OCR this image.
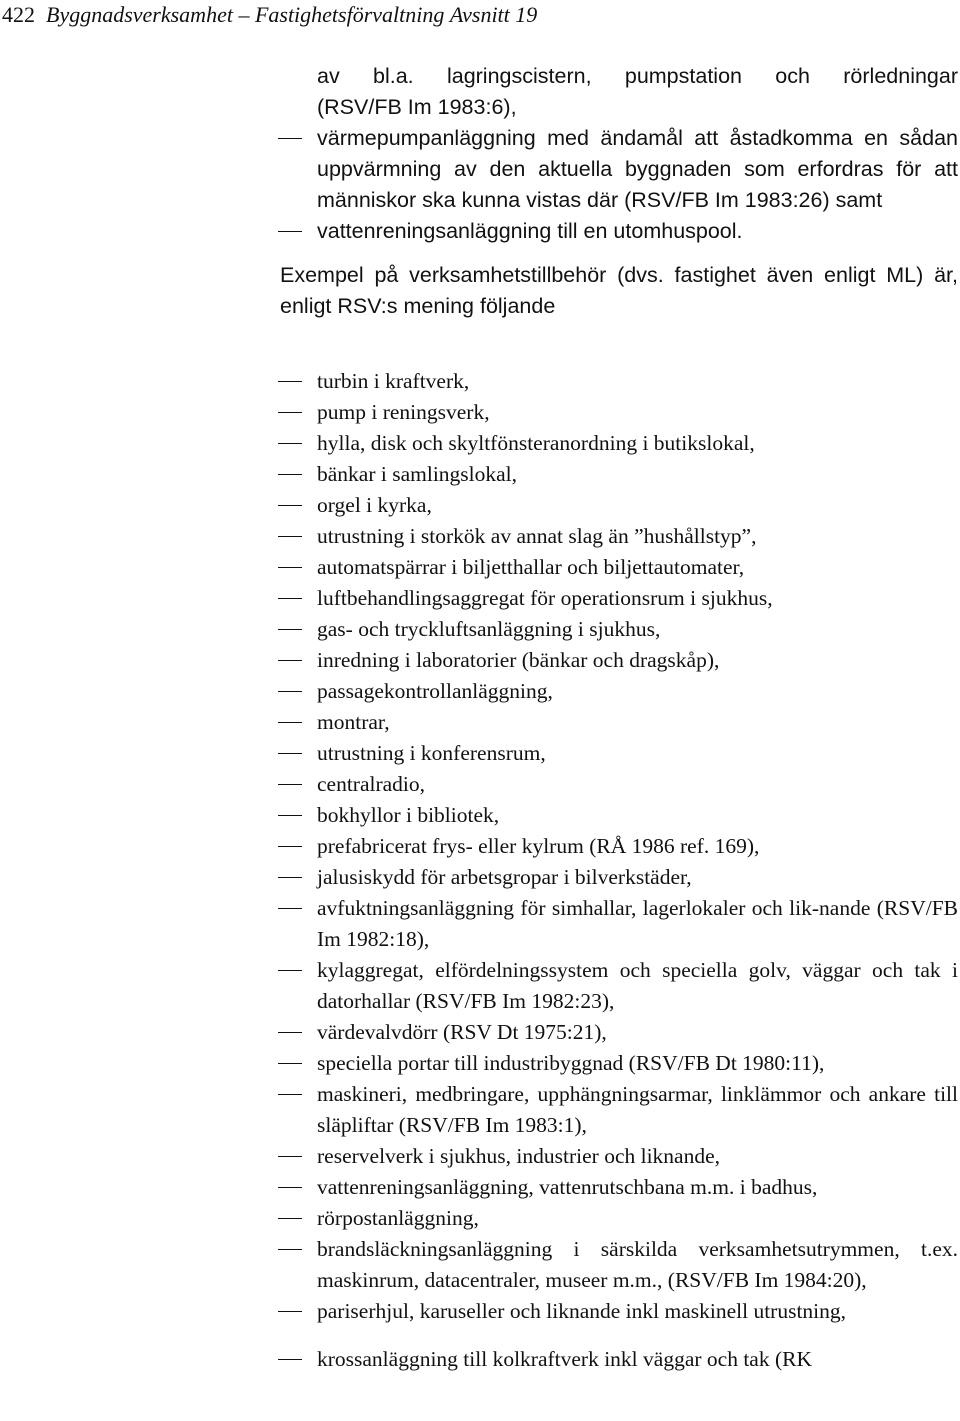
422 Byggnadsverksamhet – Fastighetsförvaltning Avsnitt 19
av bl.a. lagringscistern, pumpstation och rörledningar
(RSV/FB Im 1983:6),
värmepumpanläggning med ändamål att åstadkomma en sådan uppvärmning av den aktuella byggnaden som erfordras för att människor ska kunna vistas där (RSV/FB Im 1983:26) samt
vattenreningsanläggning till en utomhuspool.
Exempel på verksamhetstillbehör (dvs. fastighet även enligt ML) är, enligt RSV:s mening följande
turbin i kraftverk,
pump i reningsverk,
hylla, disk och skyltfönsteranordning i butikslokal,
bänkar i samlingslokal,
orgel i kyrka,
utrustning i storkök av annat slag än ”hushållstyp”,
automatspärrar i biljetthallar och biljettautomater,
luftbehandlingsaggregat för operationsrum i sjukhus,
gas- och tryckluftsanläggning i sjukhus,
inredning i laboratorier (bänkar och dragskåp),
passagekontrollanläggning,
montrar,
utrustning i konferensrum,
centralradio,
bokhyllor i bibliotek,
prefabricerat frys- eller kylrum (RÅ 1986 ref. 169),
jalusiskydd för arbetsgropar i bilverkstäder,
avfuktningsanläggning för simhallar, lagerlokaler och lik-nande (RSV/FB Im 1982:18),
kylaggregat, elfördelningssystem och speciella golv, väggar och tak i datorhallar (RSV/FB Im 1982:23),
värdevalvdörr (RSV Dt 1975:21),
speciella portar till industribyggnad (RSV/FB Dt 1980:11),
maskineri, medbringare, upphängningsarmar, linklämmor och ankare till släpliftar (RSV/FB Im 1983:1),
reservelverk i sjukhus, industrier och liknande,
vattenreningsanläggning, vattenrutschbana m.m. i badhus,
rörpostanläggning,
brandsläckningsanläggning i särskilda verksamhetsutrymmen, t.ex. maskinrum, datacentraler, museer m.m., (RSV/FB Im 1984:20),
pariserhjul, karuseller och liknande inkl maskinell utrustning,
krossanläggning till kolkraftverk inkl väggar och tak (RK
